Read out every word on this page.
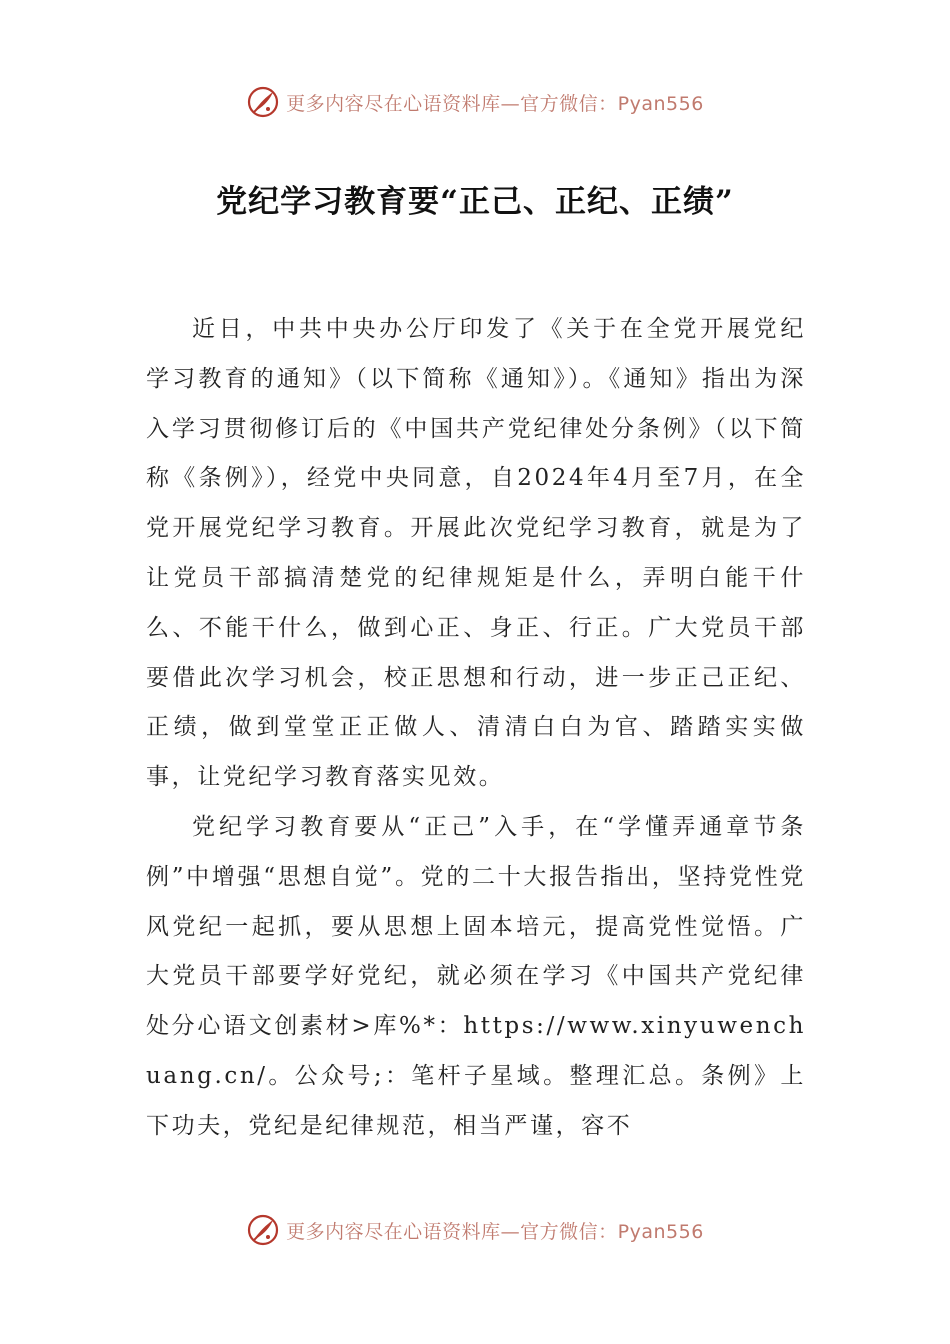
更多内容尽在心语资料库—官方微信：Pyan556
党纪学习教育要“正己、正纪、正绩”

近日，中共中央办公厅印发了《关于在全党开展党纪学习教育的通知》（以下简称《通知》）。《通知》指出为深入学习贯彻修订后的《中国共产党纪律处分条例》（以下简称《条例》），经党中央同意，自2024年4月至7月，在全党开展党纪学习教育。开展此次党纪学习教育，就是为了让党员干部搞清楚党的纪律规矩是什么，弄明白能干什么、不能干什么，做到心正、身正、行正。广大党员干部要借此次学习机会，校正思想和行动，进一步正己正纪、正绩，做到堂堂正正做人、清清白白为官、踏踏实实做事，让党纪学习教育落实见效。

党纪学习教育要从“正己”入手，在“学懂弄通章节条例”中增强“思想自觉”。党的二十大报告指出，坚持党性党风党纪一起抓，要从思想上固本培元，提高党性觉悟。广大党员干部要学好党纪，就必须在学习《中国共产党纪律处分心语文创素材>库%*：https://www.xinyuwenchuang.cn/。公众号;：笔杆子星域。整理汇总。条例》上下功夫，党纪是纪律规范，相当严谨，容不

更多内容尽在心语资料库—官方微信：Pyan556
